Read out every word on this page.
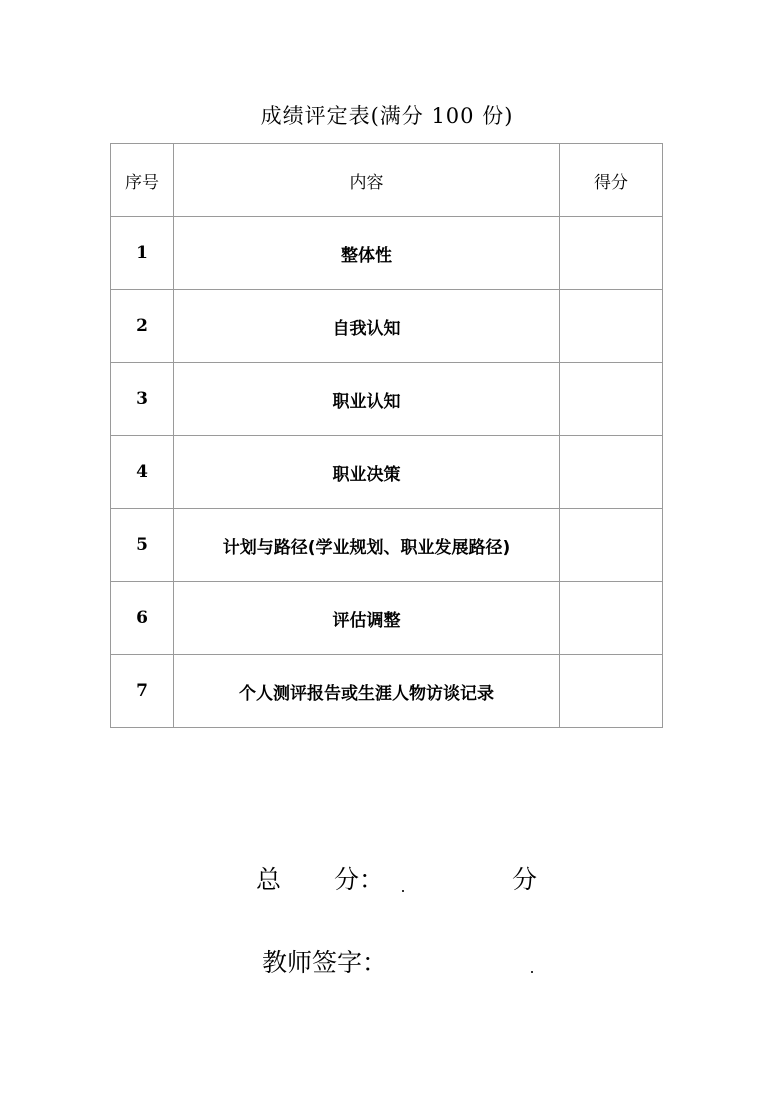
成绩评定表(满分 100 份)
序号	内容	得分
1	整体性	
2	自我认知	
3	职业认知	
4	职业决策	
5	计划与路径(学业规划、职业发展路径)	
6	评估调整	
7	个人测评报告或生涯人物访谈记录	
总 分：	分
教师签字：
